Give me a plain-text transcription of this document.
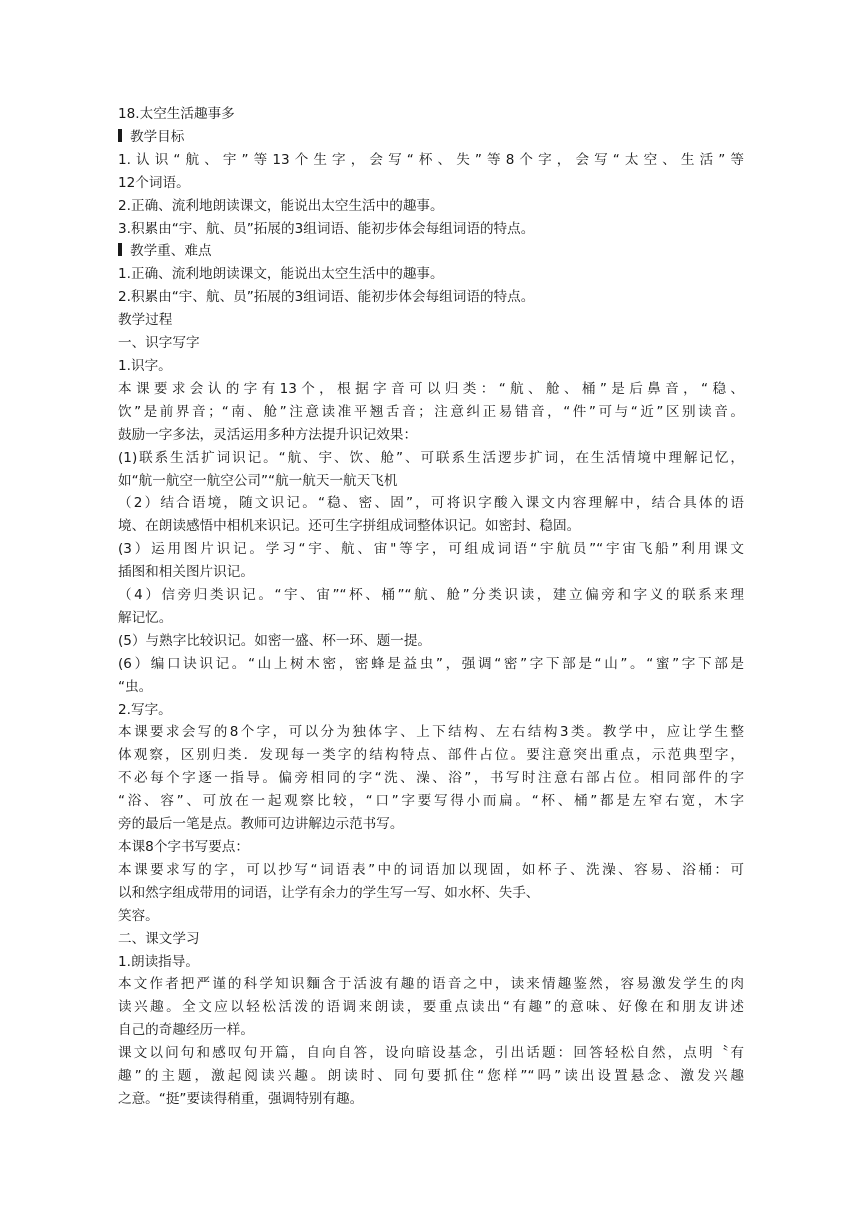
18.太空生活趣事多
教学目标
1.认识“航、宇”等13个生字，会写“杯、失”等8个字，会写“太空、生活”等
12个词语。
2.正确、流利地朗读课文，能说出太空生活中的趣事。
3.积累由“宇、航、员”拓展的3组词语、能初步体会每组词语的特点。
教学重、难点
1.正确、流利地朗读课文，能说出太空生活中的趣事。
2.积累由“宇、航、员”拓展的3组词语、能初步体会每组词语的特点。
教学过程
一、识字写字
1.识字。
本课要求会认的字有13个，根据字音可以归类：“航、舱、桶”是后鼻音，“稳、
饮”是前界音；“南、舱”注意读准平翘舌音；注意纠正易错音，“件”可与“近”区别读音。
鼓励一字多法，灵活运用多种方法提升识记效果：
(1)联系生活扩词识记。“航、宇、饮、舱”、可联系生活逻步扩词，在生活情境中理解记忆，
如“航一航空一航空公司”“航一航天一航天飞机
（2）结合语境，随文识记。“稳、密、固”，可将识字酸入课文内容理解中，结合具体的语
境、在朗读感悟中相机来识记。还可生字拼组成词整体识记。如密封、稳固。
(3）运用图片识记。学习“宇、航、宙"等字，可组成词语“宇航员”“宇宙飞船”利用课文
插图和相关图片识记。
（4）信旁归类识记。“宇、宙”“杯、桶”“航、舱”分类识读，建立偏旁和字义的联系来理
解记忆。
(5）与熟字比较识记。如密一盛、杯一环、题一提。
(6）编口诀识记。“山上树木密，密蜂是益虫”，强调“密”字下部是“山”。“蜜”字下部是
“虫。
2.写字。
本课要求会写的8个字，可以分为独体字、上下结构、左右结构3类。教学中，应让学生整
体观察，区别归类．发现每一类字的结构特点、部件占位。要注意突出重点，示范典型字，
不必每个字逐一指导。偏旁相同的字“洗、澡、浴”，书写时注意右部占位。相同部件的字
“浴、容”、可放在一起观察比较，“口”字要写得小而扁。“杯、桶”都是左窄右宽，木字
旁的最后一笔是点。教师可边讲解边示范书写。
本课8个字书写要点：
本课要求写的字，可以抄写“词语表”中的词语加以现固，如杯子、洗澡、容易、浴桶：可
以和然字组成带用的词语，让学有余力的学生写一写、如水杯、失手、
笑容。
二、课文学习
1.朗读指导。
本文作者把严谨的科学知识麵含于活波有趣的语音之中，读来情趣鉴然，容易激发学生的肉
读兴趣。全文应以轻松活泼的语调来朗读，要重点读出“有趣”的意味、好像在和朋友讲述
自己的奇趣经历一样。
课文以问句和感叹句开篇，自向自答，设向暗设基念，引出话题：回答轻松自然，点明〝有
趣”的主题，激起阅读兴趣。朗读时、同句要抓住“您样”“吗”读出设置悬念、激发兴趣
之意。“挺”要读得稍重，强调特别有趣。
